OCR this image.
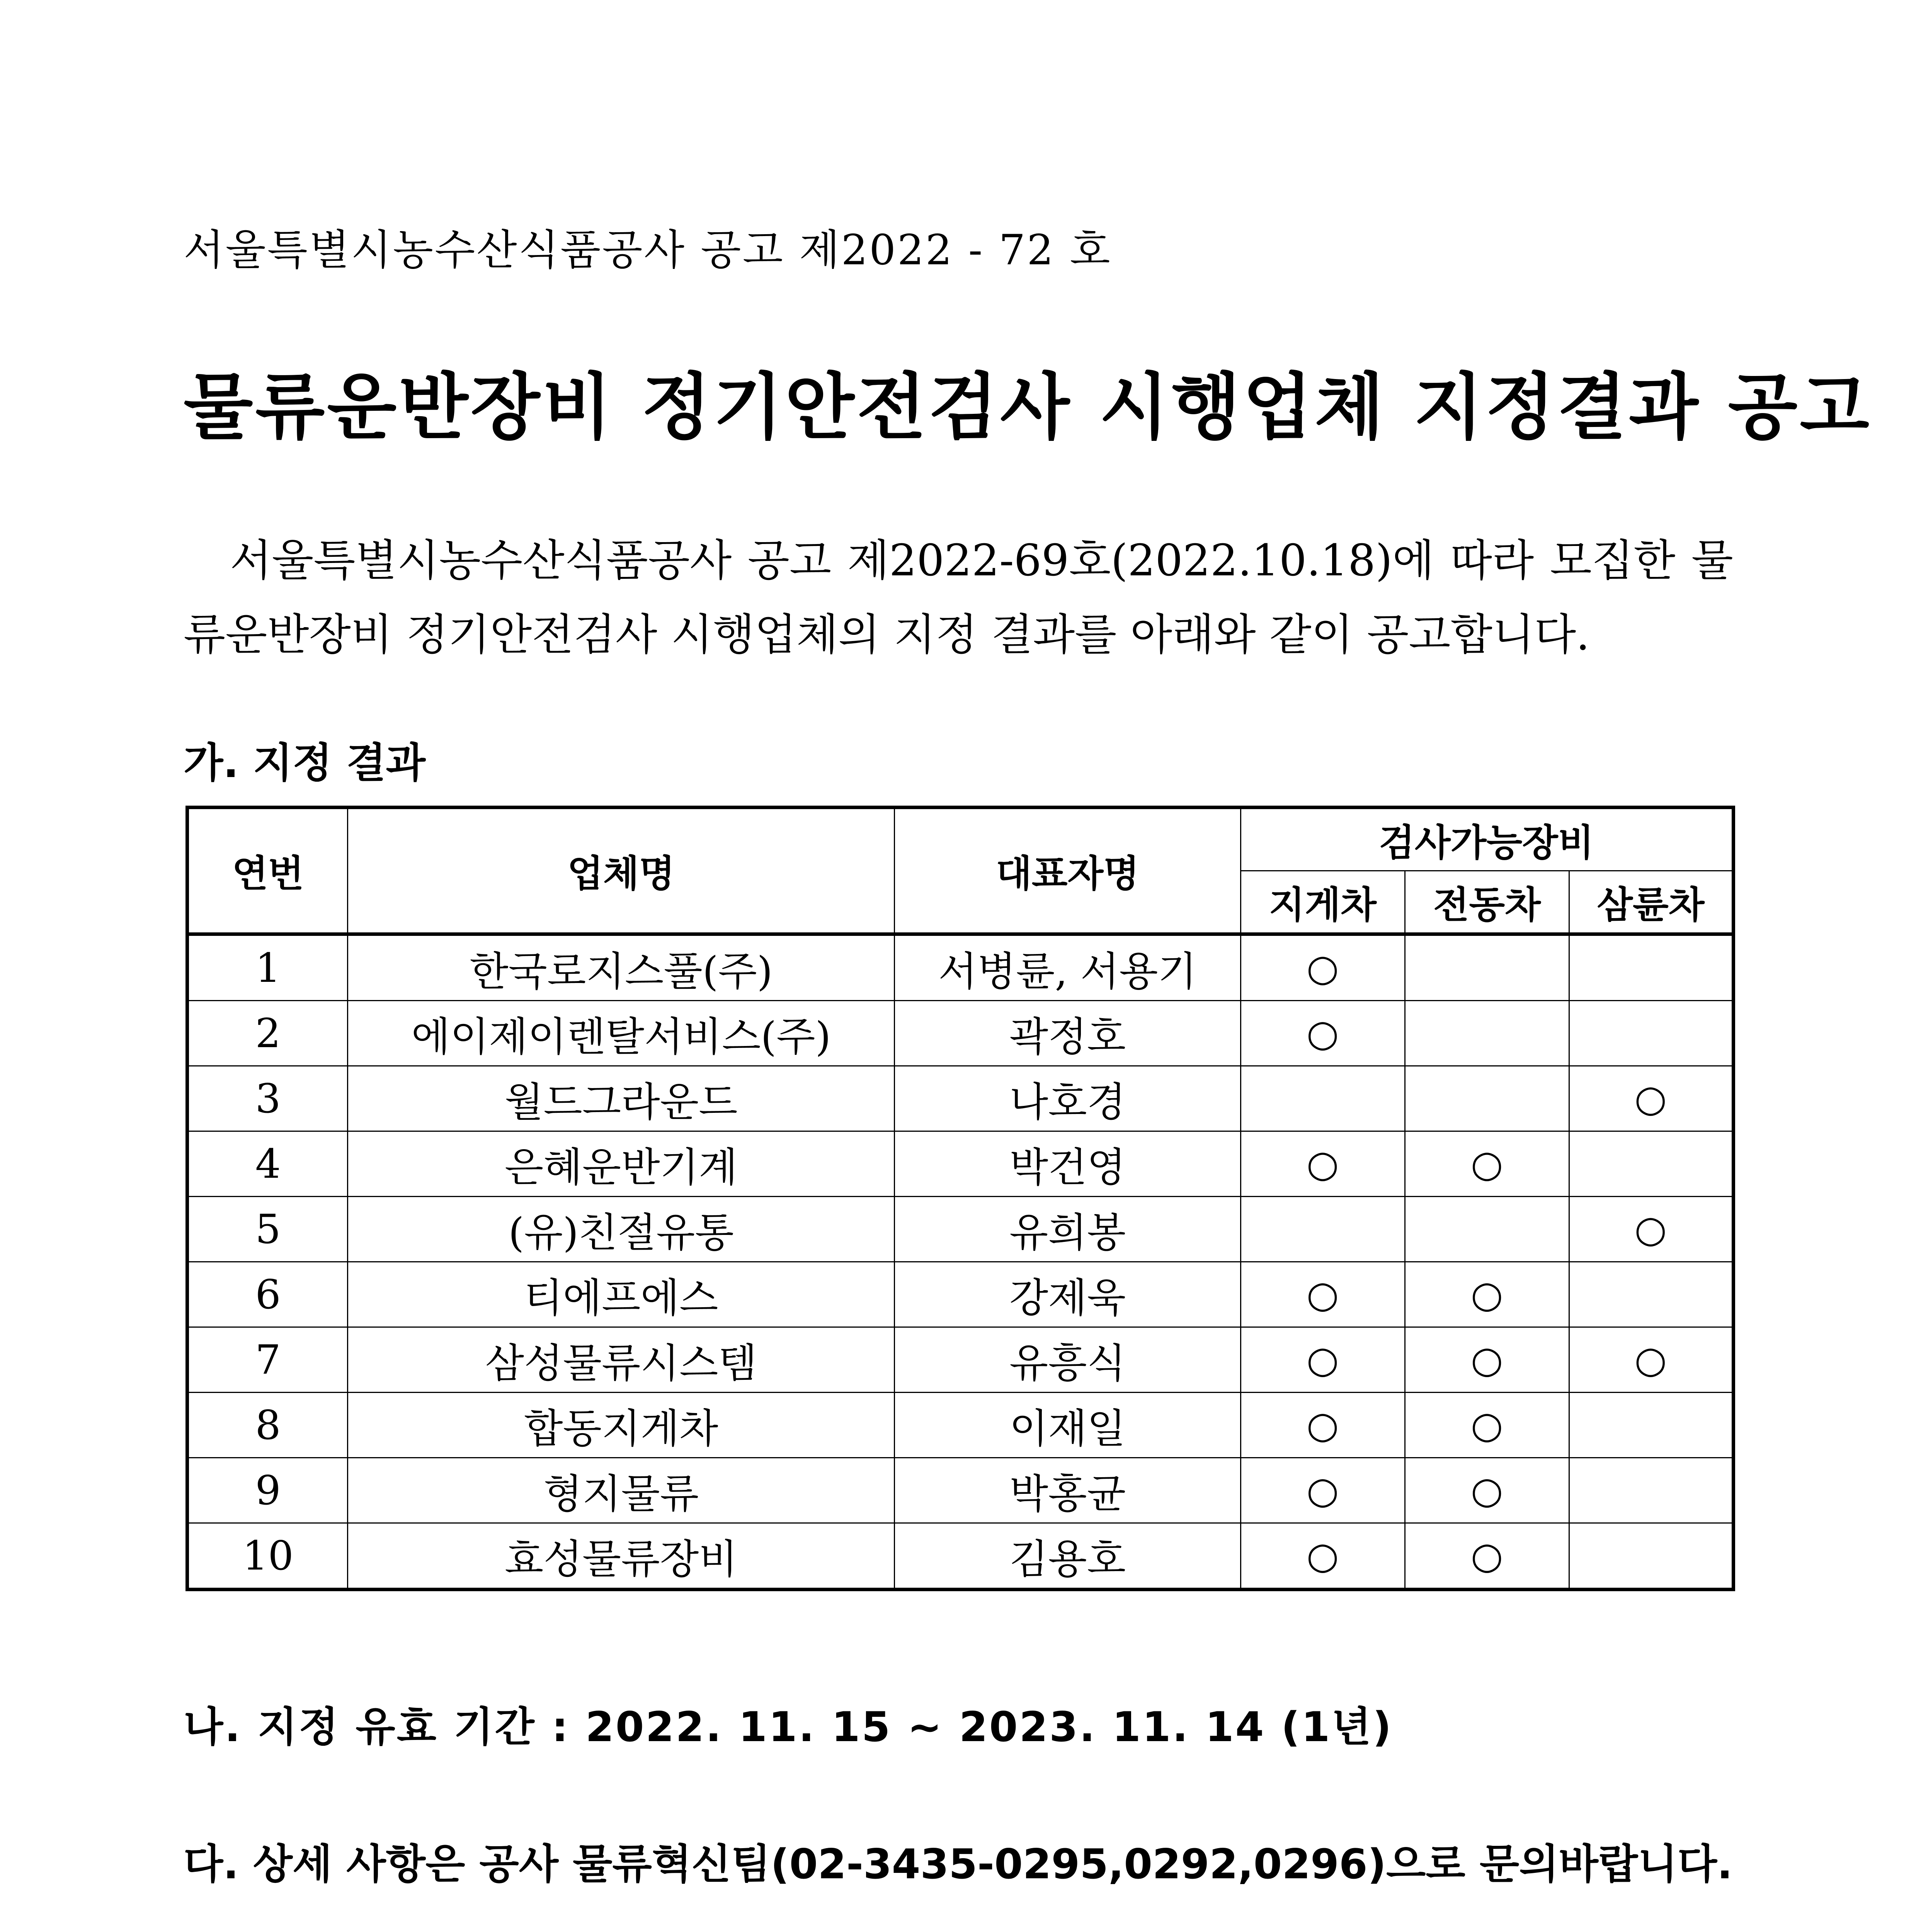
서울특별시농수산식품공사 공고 제2022 - 72 호
물류운반장비 정기안전검사 시행업체 지정결과 공고
서울특별시농수산식품공사 공고 제2022-69호(2022.10.18)에 따라 모집한 물류운반장비 정기안전검사 시행업체의 지정 결과를 아래와 같이 공고합니다.
가. 지정 결과
연번	업체명	대표자명	검사가능장비		
			지게차	전동차	삼륜차
1	한국로지스풀(주)	서병륜, 서용기	○		
2	에이제이렌탈서비스(주)	곽정호	○		
3	월드그라운드	나호경			○
4	은혜운반기계	박건영	○	○	
5	(유)친절유통	유희봉			○
6	티에프에스	강제욱	○	○	
7	삼성물류시스템	유흥식	○	○	○
8	합동지게차	이재일	○	○	
9	형지물류	박홍균	○	○	
10	효성물류장비	김용호	○	○	
나. 지정 유효 기간 : 2022. 11. 15 ~ 2023. 11. 14 (1년)
다. 상세 사항은 공사 물류혁신팀(02-3435-0295,0292,0296)으로 문의바랍니다.
